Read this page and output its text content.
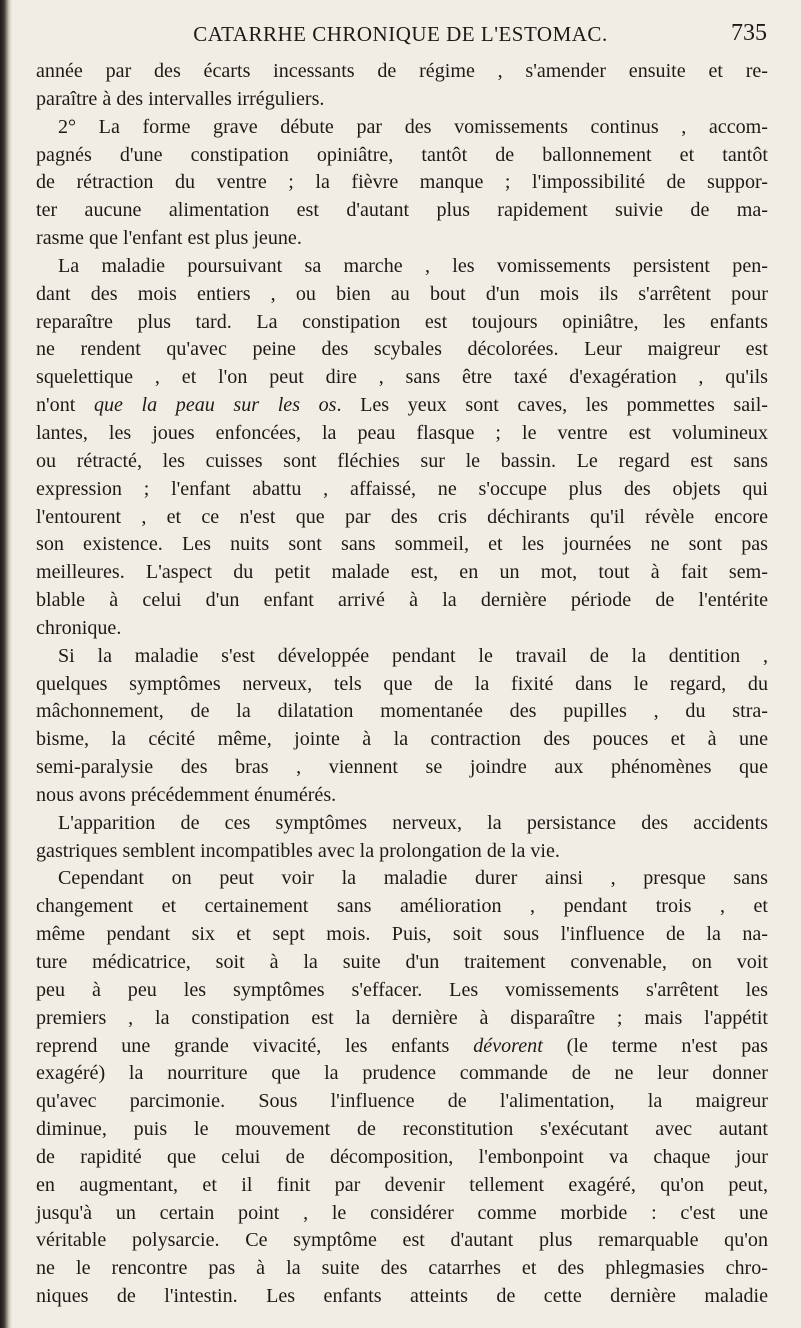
CATARRHE CHRONIQUE DE L'ESTOMAC.	735
année par des écarts incessants de régime , s'amender ensuite et re-
paraître à des intervalles irréguliers.
2° La forme grave débute par des vomissements continus , accom-
pagnés d'une constipation opiniâtre, tantôt de ballonnement et tantôt
de rétraction du ventre ; la fièvre manque ; l'impossibilité de suppor-
ter aucune alimentation est d'autant plus rapidement suivie de ma-
rasme que l'enfant est plus jeune.
La maladie poursuivant sa marche , les vomissements persistent pen-
dant des mois entiers , ou bien au bout d'un mois ils s'arrêtent pour
reparaître plus tard. La constipation est toujours opiniâtre, les enfants
ne rendent qu'avec peine des scybales décolorées. Leur maigreur est
squelettique , et l'on peut dire , sans être taxé d'exagération , qu'ils
n'ont que la peau sur les os. Les yeux sont caves, les pommettes sail-
lantes, les joues enfoncées, la peau flasque ; le ventre est volumineux
ou rétracté, les cuisses sont fléchies sur le bassin. Le regard est sans
expression ; l'enfant abattu , affaissé, ne s'occupe plus des objets qui
l'entourent , et ce n'est que par des cris déchirants qu'il révèle encore
son existence. Les nuits sont sans sommeil, et les journées ne sont pas
meilleures. L'aspect du petit malade est, en un mot, tout à fait sem-
blable à celui d'un enfant arrivé à la dernière période de l'entérite
chronique.
Si la maladie s'est développée pendant le travail de la dentition ,
quelques symptômes nerveux, tels que de la fixité dans le regard, du
mâchonnement, de la dilatation momentanée des pupilles , du stra-
bisme, la cécité même, jointe à la contraction des pouces et à une
semi-paralysie des bras , viennent se joindre aux phénomènes que
nous avons précédemment énumérés.
L'apparition de ces symptômes nerveux, la persistance des accidents
gastriques semblent incompatibles avec la prolongation de la vie.
Cependant on peut voir la maladie durer ainsi , presque sans
changement et certainement sans amélioration , pendant trois , et
même pendant six et sept mois. Puis, soit sous l'influence de la na-
ture médicatrice, soit à la suite d'un traitement convenable, on voit
peu à peu les symptômes s'effacer. Les vomissements s'arrêtent les
premiers , la constipation est la dernière à disparaître ; mais l'appétit
reprend une grande vivacité, les enfants dévorent (le terme n'est pas
exagéré) la nourriture que la prudence commande de ne leur donner
qu'avec parcimonie. Sous l'influence de l'alimentation, la maigreur
diminue, puis le mouvement de reconstitution s'exécutant avec autant
de rapidité que celui de décomposition, l'embonpoint va chaque jour
en augmentant, et il finit par devenir tellement exagéré, qu'on peut,
jusqu'à un certain point , le considérer comme morbide : c'est une
véritable polysarcie. Ce symptôme est d'autant plus remarquable qu'on
ne le rencontre pas à la suite des catarrhes et des phlegmasies chro-
niques de l'intestin. Les enfants atteints de cette dernière maladie
